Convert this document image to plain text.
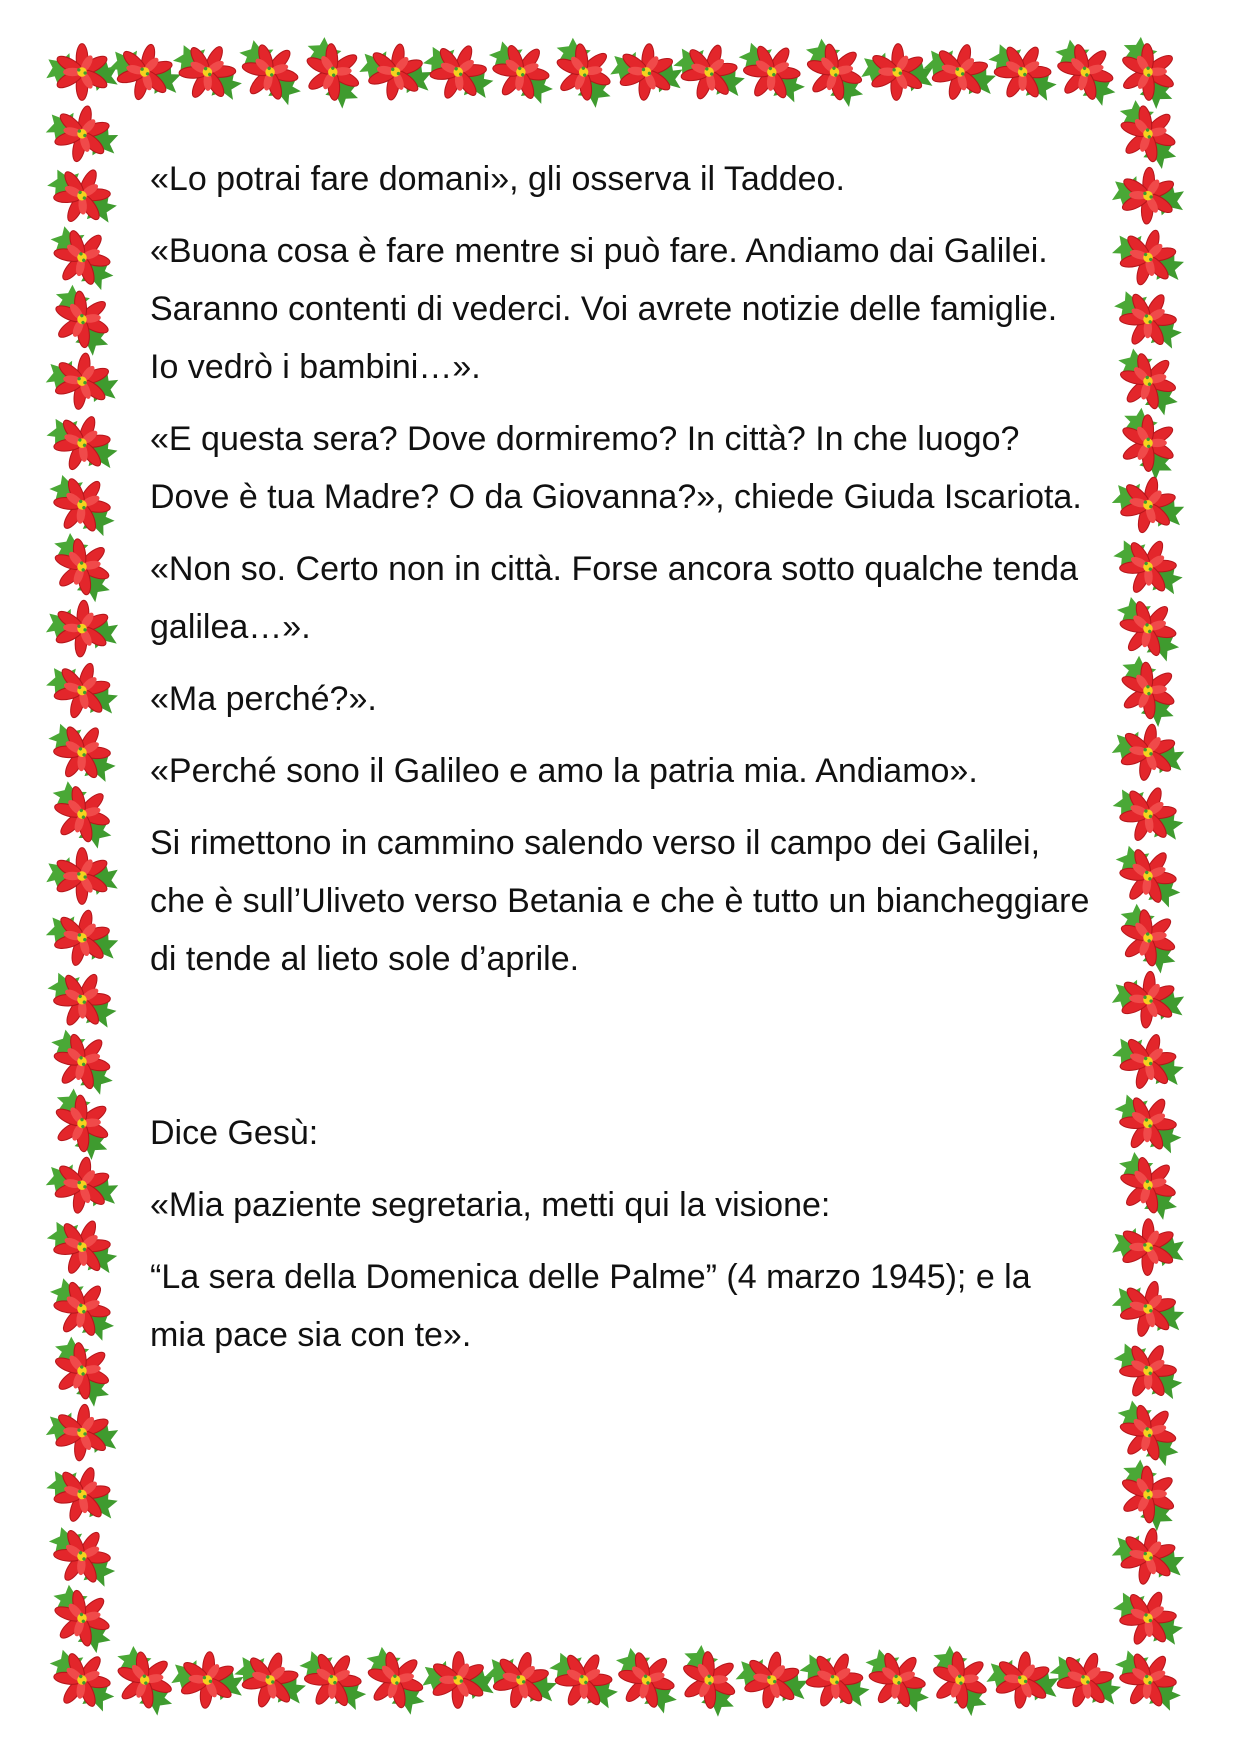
«Lo potrai fare domani», gli osserva il Taddeo.

«Buona cosa è fare mentre si può fare. Andiamo dai Galilei. Saranno contenti di vederci. Voi avrete notizie delle famiglie. Io vedrò i bambini…».

«E questa sera? Dove dormiremo? In città? In che luogo? Dove è tua Madre? O da Giovanna?», chiede Giuda Iscariota.

«Non so. Certo non in città. Forse ancora sotto qualche tenda galilea…».

«Ma perché?».

«Perché sono il Galileo e amo la patria mia. Andiamo».

Si rimettono in cammino salendo verso il campo dei Galilei, che è sull’Uliveto verso Betania e che è tutto un biancheggiare di tende al lieto sole d’aprile.

Dice Gesù:

«Mia paziente segretaria, metti qui la visione:

“La sera della Domenica delle Palme” (4 marzo 1945); e la mia pace sia con te».
